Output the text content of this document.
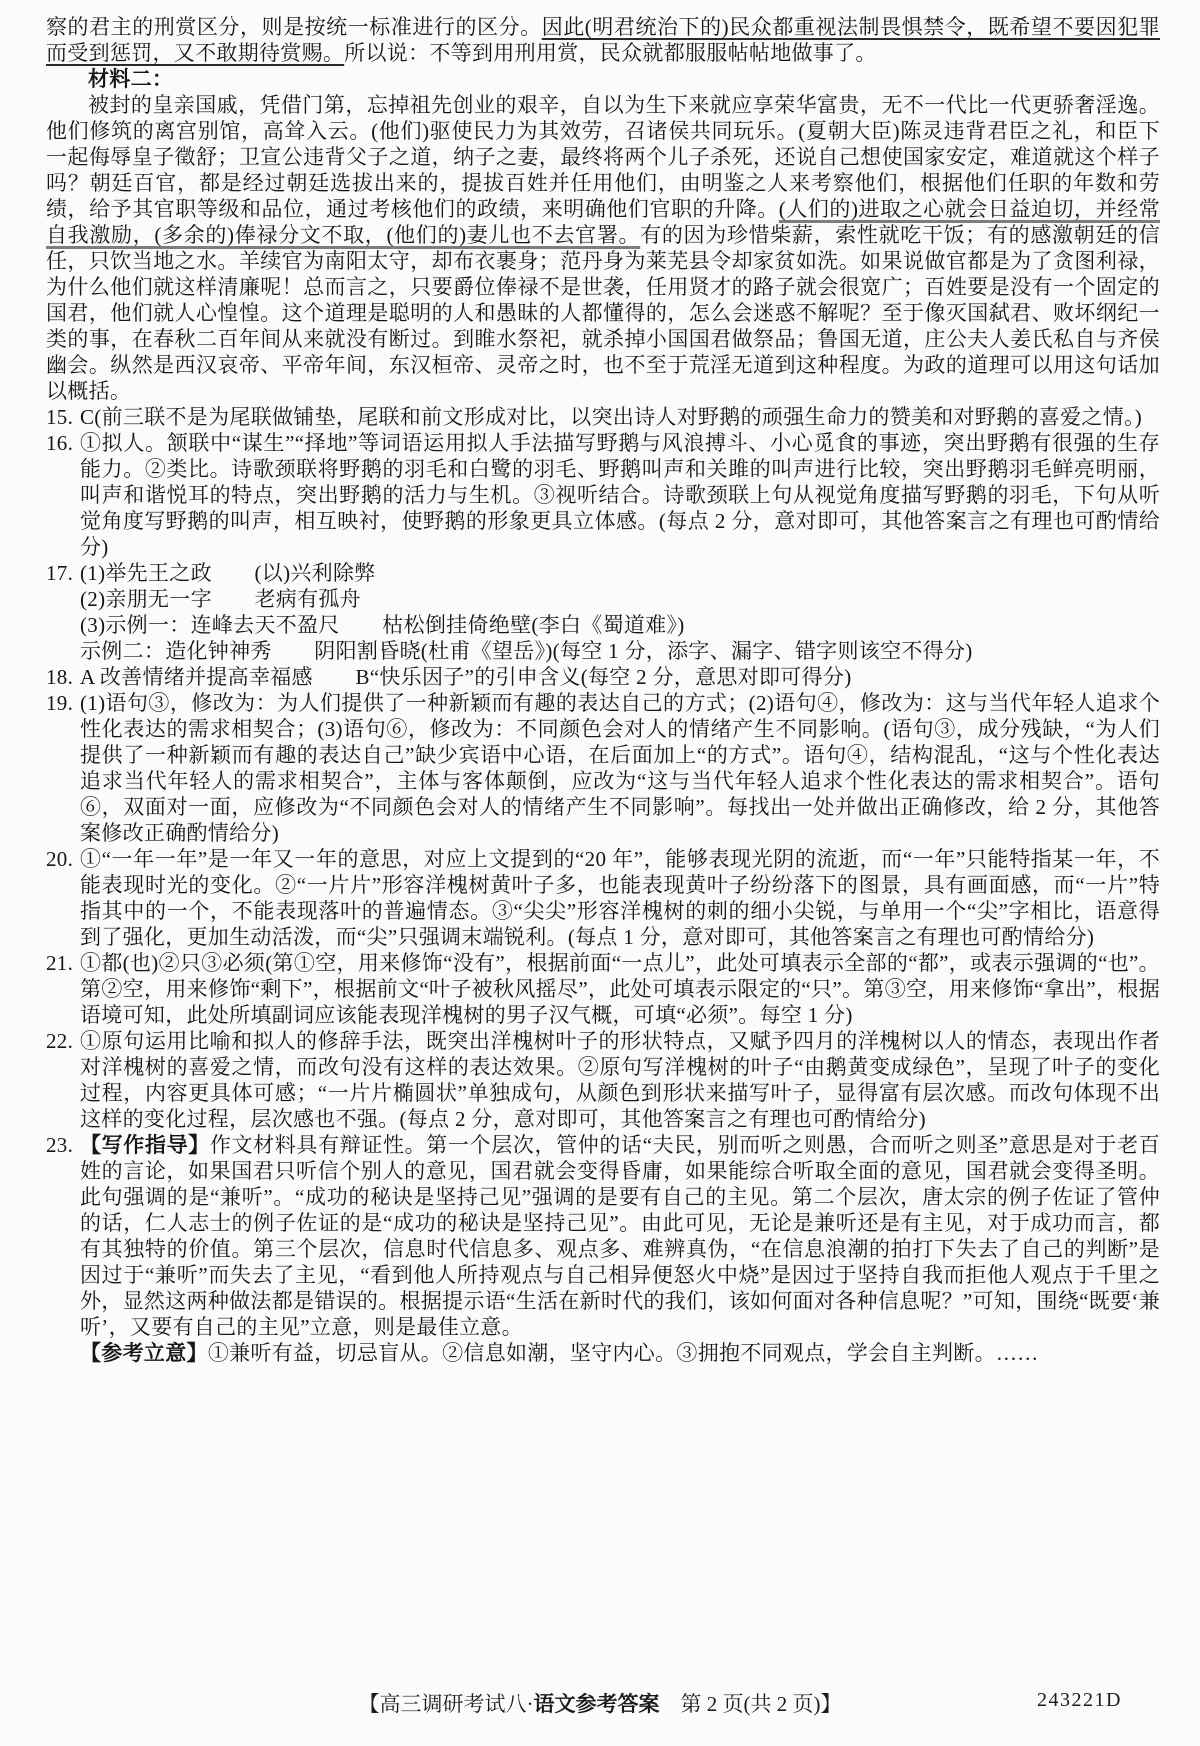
察的君主的刑赏区分，则是按统一标准进行的区分。因此(明君统治下的)民众都重视法制畏惧禁令，既希望不要因犯罪而受到惩罚，又不敢期待赏赐。所以说：不等到用刑用赏，民众就都服服帖帖地做事了。

材料二：

被封的皇亲国戚，凭借门第，忘掉祖先创业的艰辛，自以为生下来就应享荣华富贵，无不一代比一代更骄奢淫逸。他们修筑的离宫别馆，高耸入云。(他们)驱使民力为其效劳，召诸侯共同玩乐。(夏朝大臣)陈灵违背君臣之礼，和臣下一起侮辱皇子徵舒；卫宣公违背父子之道，纳子之妻，最终将两个儿子杀死，还说自己想使国家安定，难道就这个样子吗？朝廷百官，都是经过朝廷选拔出来的，提拔百姓并任用他们，由明鉴之人来考察他们，根据他们任职的年数和劳绩，给予其官职等级和品位，通过考核他们的政绩，来明确他们官职的升降。(人们的)进取之心就会日益迫切，并经常自我激励，(多余的)俸禄分文不取，(他们的)妻儿也不去官署。有的因为珍惜柴薪，索性就吃干饭；有的感激朝廷的信任，只饮当地之水。羊续官为南阳太守，却布衣裹身；范丹身为莱芜县令却家贫如洗。如果说做官都是为了贪图利禄，为什么他们就这样清廉呢！总而言之，只要爵位俸禄不是世袭，任用贤才的路子就会很宽广；百姓要是没有一个固定的国君，他们就人心惶惶。这个道理是聪明的人和愚昧的人都懂得的，怎么会迷惑不解呢？至于像灭国弑君、败坏纲纪一类的事，在春秋二百年间从来就没有断过。到睢水祭祀，就杀掉小国国君做祭品；鲁国无道，庄公夫人姜氏私自与齐侯幽会。纵然是西汉哀帝、平帝年间，东汉桓帝、灵帝之时，也不至于荒淫无道到这种程度。为政的道理可以用这句话加以概括。

15. C(前三联不是为尾联做铺垫，尾联和前文形成对比，以突出诗人对野鹅的顽强生命力的赞美和对野鹅的喜爱之情。)
16. ①拟人。颔联中“谋生”“择地”等词语运用拟人手法描写野鹅与风浪搏斗、小心觅食的事迹，突出野鹅有很强的生存能力。②类比。诗歌颈联将野鹅的羽毛和白鹭的羽毛、野鹅叫声和关雎的叫声进行比较，突出野鹅羽毛鲜亮明丽，叫声和谐悦耳的特点，突出野鹅的活力与生机。③视听结合。诗歌颈联上句从视觉角度描写野鹅的羽毛，下句从听觉角度写野鹅的叫声，相互映衬，使野鹅的形象更具立体感。(每点 2 分，意对即可，其他答案言之有理也可酌情给分)
17. (1)举先王之政　　(以)兴利除弊
(2)亲朋无一字　　老病有孤舟
(3)示例一：连峰去天不盈尺　　枯松倒挂倚绝壁(李白《蜀道难》)
示例二：造化钟神秀　　阴阳割昏晓(杜甫《望岳》)(每空 1 分，添字、漏字、错字则该空不得分)
18. A 改善情绪并提高幸福感　　B“快乐因子”的引申含义(每空 2 分，意思对即可得分)
19. (1)语句③，修改为：为人们提供了一种新颖而有趣的表达自己的方式；(2)语句④，修改为：这与当代年轻人追求个性化表达的需求相契合；(3)语句⑥，修改为：不同颜色会对人的情绪产生不同影响。(语句③，成分残缺，“为人们提供了一种新颖而有趣的表达自己”缺少宾语中心语，在后面加上“的方式”。语句④，结构混乱，“这与个性化表达追求当代年轻人的需求相契合”，主体与客体颠倒，应改为“这与当代年轻人追求个性化表达的需求相契合”。语句⑥，双面对一面，应修改为“不同颜色会对人的情绪产生不同影响”。每找出一处并做出正确修改，给 2 分，其他答案修改正确酌情给分)
20. ①“一年一年”是一年又一年的意思，对应上文提到的“20 年”，能够表现光阴的流逝，而“一年”只能特指某一年，不能表现时光的变化。②“一片片”形容洋槐树黄叶子多，也能表现黄叶子纷纷落下的图景，具有画面感，而“一片”特指其中的一个，不能表现落叶的普遍情态。③“尖尖”形容洋槐树的刺的细小尖锐，与单用一个“尖”字相比，语意得到了强化，更加生动活泼，而“尖”只强调末端锐利。(每点 1 分，意对即可，其他答案言之有理也可酌情给分)
21. ①都(也)②只③必须(第①空，用来修饰“没有”，根据前面“一点儿”，此处可填表示全部的“都”，或表示强调的“也”。第②空，用来修饰“剩下”，根据前文“叶子被秋风摇尽”，此处可填表示限定的“只”。第③空，用来修饰“拿出”，根据语境可知，此处所填副词应该能表现洋槐树的男子汉气概，可填“必须”。每空 1 分)
22. ①原句运用比喻和拟人的修辞手法，既突出洋槐树叶子的形状特点，又赋予四月的洋槐树以人的情态，表现出作者对洋槐树的喜爱之情，而改句没有这样的表达效果。②原句写洋槐树的叶子“由鹅黄变成绿色”，呈现了叶子的变化过程，内容更具体可感；“一片片椭圆状”单独成句，从颜色到形状来描写叶子，显得富有层次感。而改句体现不出这样的变化过程，层次感也不强。(每点 2 分，意对即可，其他答案言之有理也可酌情给分)
23. 【写作指导】作文材料具有辩证性。第一个层次，管仲的话“夫民，别而听之则愚，合而听之则圣”意思是对于老百姓的言论，如果国君只听信个别人的意见，国君就会变得昏庸，如果能综合听取全面的意见，国君就会变得圣明。此句强调的是“兼听”。“成功的秘诀是坚持己见”强调的是要有自己的主见。第二个层次，唐太宗的例子佐证了管仲的话，仁人志士的例子佐证的是“成功的秘诀是坚持己见”。由此可见，无论是兼听还是有主见，对于成功而言，都有其独特的价值。第三个层次，信息时代信息多、观点多、难辨真伪，“在信息浪潮的拍打下失去了自己的判断”是因过于“兼听”而失去了主见，“看到他人所持观点与自己相异便怒火中烧”是因过于坚持自我而拒他人观点于千里之外，显然这两种做法都是错误的。根据提示语“生活在新时代的我们，该如何面对各种信息呢？”可知，围绕“既要‘兼听’，又要有自己的主见”立意，则是最佳立意。
【参考立意】①兼听有益，切忌盲从。②信息如潮，坚守内心。③拥抱不同观点，学会自主判断。……
【高三调研考试八·语文参考答案　第 2 页(共 2 页)】	243221D
